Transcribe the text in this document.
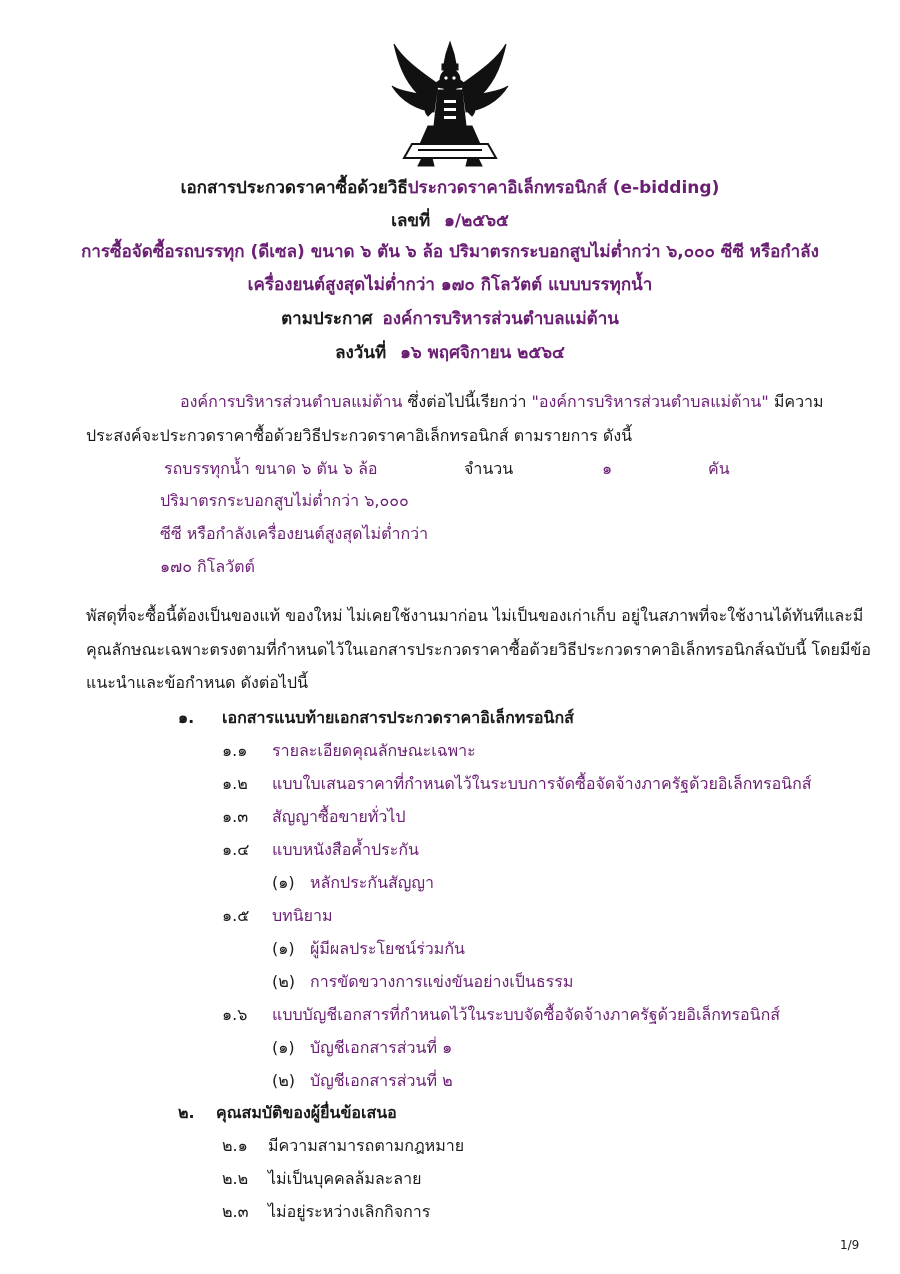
เอกสารประกวดราคาซื้อด้วยวิธีประกวดราคาอิเล็กทรอนิกส์ (e-bidding)
เลขที่ ๑/๒๕๖๕
การซื้อจัดซื้อรถบรรทุก (ดีเซล) ขนาด ๖ ตัน ๖ ล้อ ปริมาตรกระบอกสูบไม่ต่ำกว่า ๖,๐๐๐ ซีซี หรือกำลัง
เครื่องยนต์สูงสุดไม่ต่ำกว่า ๑๗๐ กิโลวัตต์ แบบบรรทุกน้ำ
ตามประกาศ องค์การบริหารส่วนตำบลแม่ต้าน
ลงวันที่ ๑๖ พฤศจิกายน ๒๕๖๔
องค์การบริหารส่วนตำบลแม่ต้าน ซึ่งต่อไปนี้เรียกว่า "องค์การบริหารส่วนตำบลแม่ต้าน" มีความ
ประสงค์จะประกวดราคาซื้อด้วยวิธีประกวดราคาอิเล็กทรอนิกส์ ตามรายการ ดังนี้
รถบรรทุกน้ำ ขนาด ๖ ตัน ๖ ล้อ	จำนวน	๑	คัน
ปริมาตรกระบอกสูบไม่ต่ำกว่า ๖,๐๐๐
ซีซี หรือกำลังเครื่องยนต์สูงสุดไม่ต่ำกว่า
๑๗๐ กิโลวัตต์
พัสดุที่จะซื้อนี้ต้องเป็นของแท้ ของใหม่ ไม่เคยใช้งานมาก่อน ไม่เป็นของเก่าเก็บ อยู่ในสภาพที่จะใช้งานได้ทันทีและมี
คุณลักษณะเฉพาะตรงตามที่กำหนดไว้ในเอกสารประกวดราคาซื้อด้วยวิธีประกวดราคาอิเล็กทรอนิกส์ฉบับนี้ โดยมีข้อ
แนะนำและข้อกำหนด ดังต่อไปนี้
๑. เอกสารแนบท้ายเอกสารประกวดราคาอิเล็กทรอนิกส์
๑.๑ รายละเอียดคุณลักษณะเฉพาะ
๑.๒ แบบใบเสนอราคาที่กำหนดไว้ในระบบการจัดซื้อจัดจ้างภาครัฐด้วยอิเล็กทรอนิกส์
๑.๓ สัญญาซื้อขายทั่วไป
๑.๔ แบบหนังสือค้ำประกัน
(๑) หลักประกันสัญญา
๑.๕ บทนิยาม
(๑) ผู้มีผลประโยชน์ร่วมกัน
(๒) การขัดขวางการแข่งขันอย่างเป็นธรรม
๑.๖ แบบบัญชีเอกสารที่กำหนดไว้ในระบบจัดซื้อจัดจ้างภาครัฐด้วยอิเล็กทรอนิกส์
(๑) บัญชีเอกสารส่วนที่ ๑
(๒) บัญชีเอกสารส่วนที่ ๒
๒. คุณสมบัติของผู้ยื่นข้อเสนอ
๒.๑ มีความสามารถตามกฎหมาย
๒.๒ ไม่เป็นบุคคลล้มละลาย
๒.๓ ไม่อยู่ระหว่างเลิกกิจการ
1/9
